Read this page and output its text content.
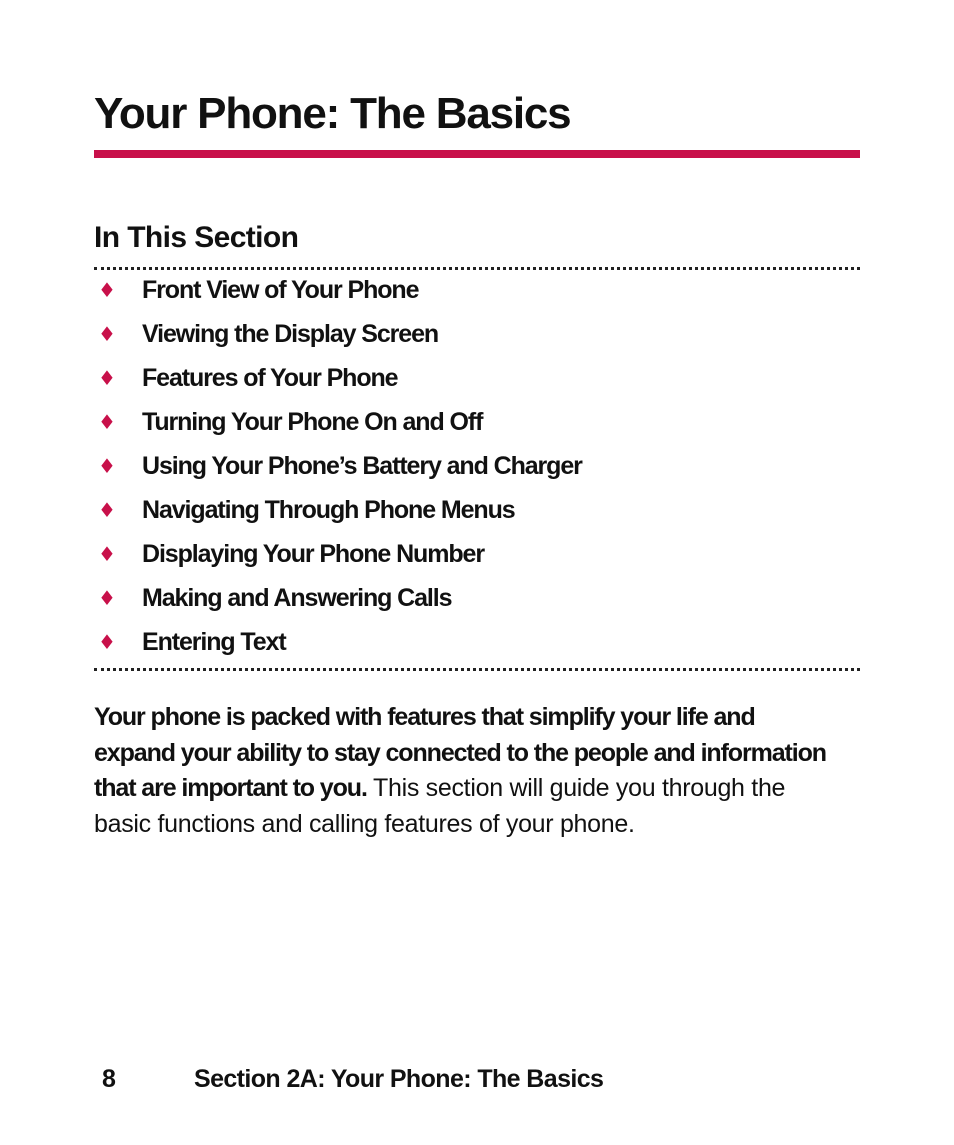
Your Phone: The Basics
In This Section
♦ Front View of Your Phone
♦ Viewing the Display Screen
♦ Features of Your Phone
♦ Turning Your Phone On and Off
♦ Using Your Phone’s Battery and Charger
♦ Navigating Through Phone Menus
♦ Displaying Your Phone Number
♦ Making and Answering Calls
♦ Entering Text

Your phone is packed with features that simplify your life and expand your ability to stay connected to the people and information that are important to you. This section will guide you through the basic functions and calling features of your phone.

8	Section 2A: Your Phone: The Basics
